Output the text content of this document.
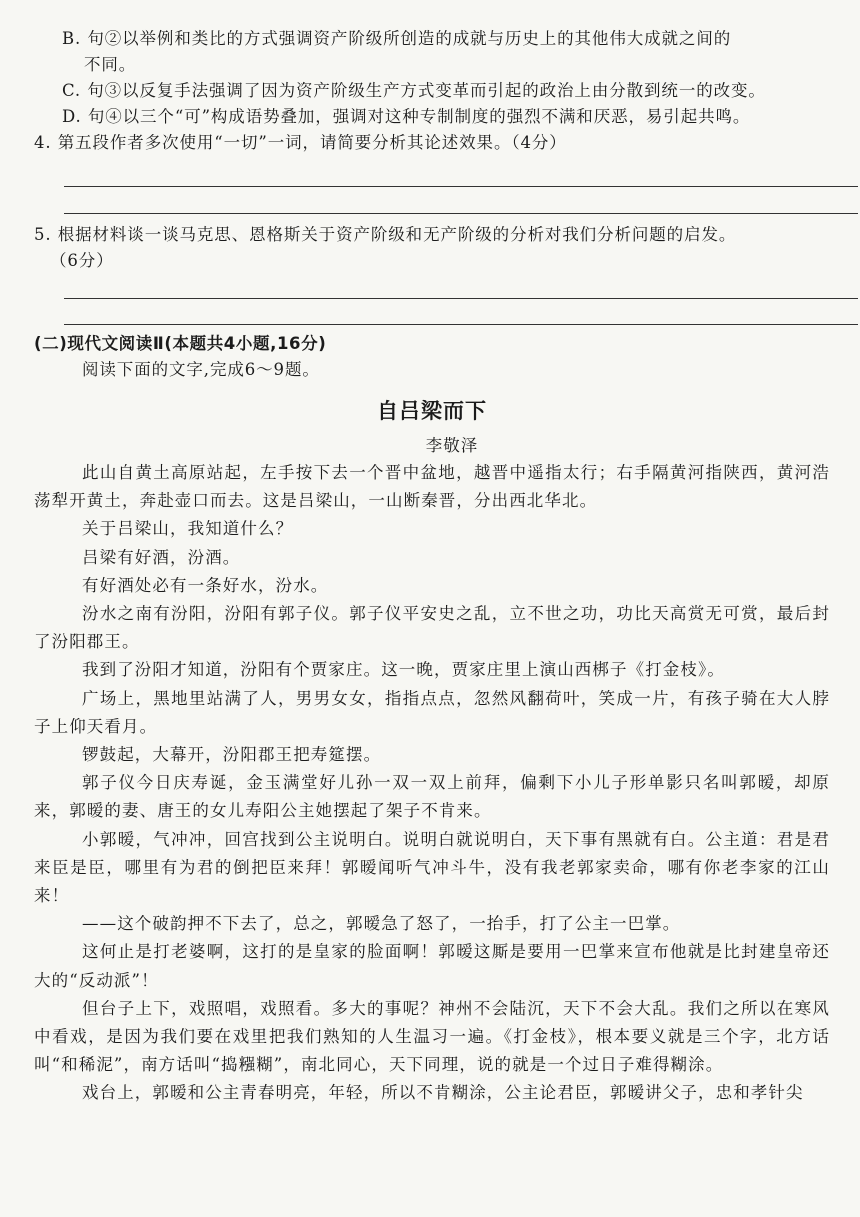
B. 句②以举例和类比的方式强调资产阶级所创造的成就与历史上的其他伟大成就之间的

不同。

C. 句③以反复手法强调了因为资产阶级生产方式变革而引起的政治上由分散到统一的改变。

D. 句④以三个“可”构成语势叠加，强调对这种专制制度的强烈不满和厌恶，易引起共鸣。

4. 第五段作者多次使用“一切”一词，请简要分析其论述效果。（4分）

5. 根据材料谈一谈马克思、恩格斯关于资产阶级和无产阶级的分析对我们分析问题的启发。

（6分）

(二)现代文阅读Ⅱ(本题共4小题,16分)

阅读下面的文字,完成6～9题。

自吕梁而下
李敬泽

此山自黄土高原站起，左手按下去一个晋中盆地，越晋中遥指太行；右手隔黄河指陕西，黄河浩荡犁开黄土，奔赴壶口而去。这是吕梁山，一山断秦晋，分出西北华北。

关于吕梁山，我知道什么？

吕梁有好酒，汾酒。

有好酒处必有一条好水，汾水。

汾水之南有汾阳，汾阳有郭子仪。郭子仪平安史之乱，立不世之功，功比天高赏无可赏，最后封了汾阳郡王。

我到了汾阳才知道，汾阳有个贾家庄。这一晚，贾家庄里上演山西梆子《打金枝》。

广场上，黑地里站满了人，男男女女，指指点点，忽然风翻荷叶，笑成一片，有孩子骑在大人脖子上仰天看月。

锣鼓起，大幕开，汾阳郡王把寿筵摆。

郭子仪今日庆寿诞，金玉满堂好儿孙一双一双上前拜，偏剩下小儿子形单影只名叫郭暧，却原来，郭暧的妻、唐王的女儿寿阳公主她摆起了架子不肯来。

小郭暧，气冲冲，回宫找到公主说明白。说明白就说明白，天下事有黑就有白。公主道：君是君来臣是臣，哪里有为君的倒把臣来拜！郭暧闻听气冲斗牛，没有我老郭家卖命，哪有你老李家的江山来！

——这个破韵押不下去了，总之，郭暧急了怒了，一抬手，打了公主一巴掌。

这何止是打老婆啊，这打的是皇家的脸面啊！郭暧这厮是要用一巴掌来宣布他就是比封建皇帝还大的“反动派”！

但台子上下，戏照唱，戏照看。多大的事呢？神州不会陆沉，天下不会大乱。我们之所以在寒风中看戏，是因为我们要在戏里把我们熟知的人生温习一遍。《打金枝》，根本要义就是三个字，北方话叫“和稀泥”，南方话叫“捣糨糊”，南北同心，天下同理，说的就是一个过日子难得糊涂。

戏台上，郭暧和公主青春明亮，年轻，所以不肯糊涂，公主论君臣，郭暧讲父子，忠和孝针尖
